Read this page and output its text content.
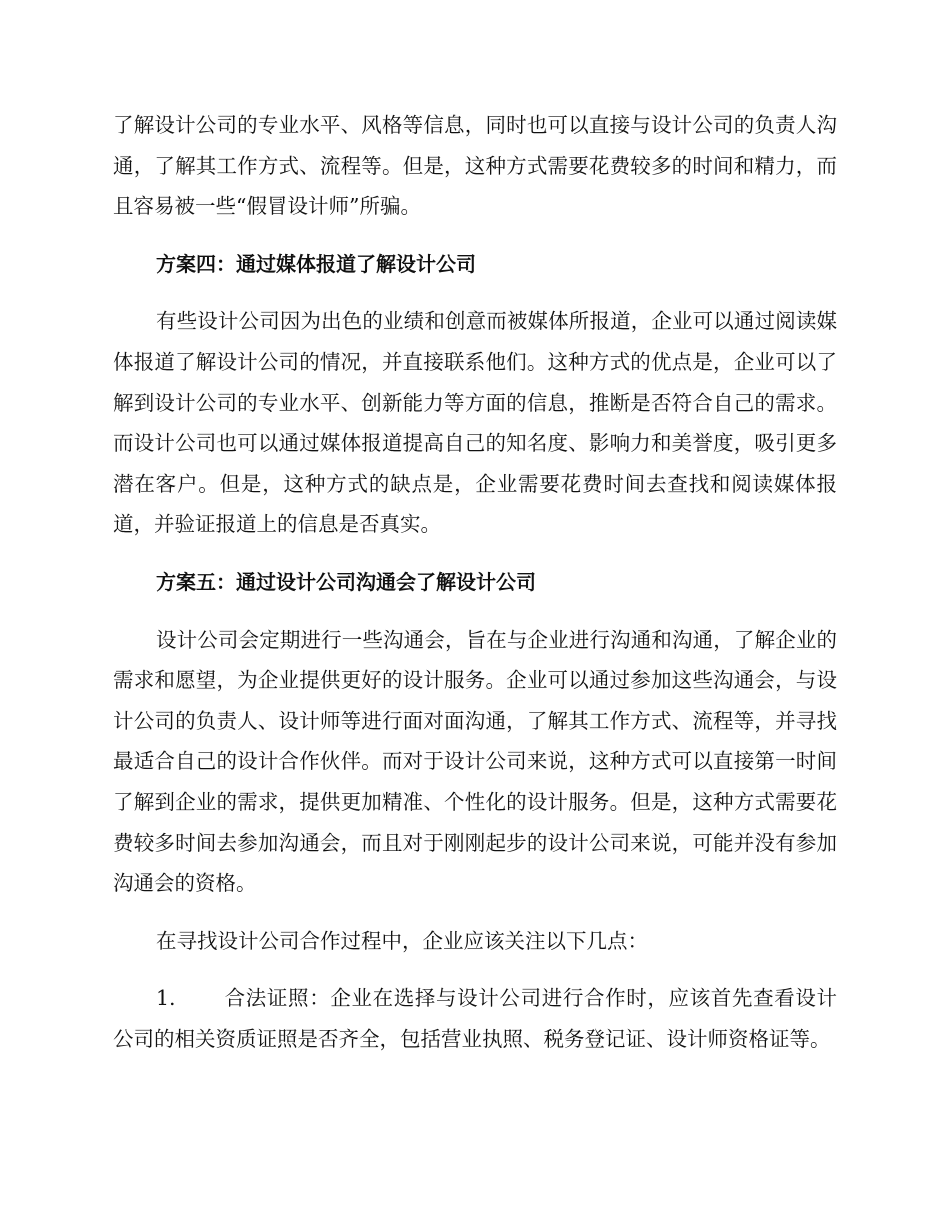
了解设计公司的专业水平、风格等信息，同时也可以直接与设计公司的负责人沟通，了解其工作方式、流程等。但是，这种方式需要花费较多的时间和精力，而且容易被一些“假冒设计师”所骗。

方案四：通过媒体报道了解设计公司

有些设计公司因为出色的业绩和创意而被媒体所报道，企业可以通过阅读媒体报道了解设计公司的情况，并直接联系他们。这种方式的优点是，企业可以了解到设计公司的专业水平、创新能力等方面的信息，推断是否符合自己的需求。而设计公司也可以通过媒体报道提高自己的知名度、影响力和美誉度，吸引更多潜在客户。但是，这种方式的缺点是，企业需要花费时间去查找和阅读媒体报道，并验证报道上的信息是否真实。

方案五：通过设计公司沟通会了解设计公司

设计公司会定期进行一些沟通会，旨在与企业进行沟通和沟通，了解企业的需求和愿望，为企业提供更好的设计服务。企业可以通过参加这些沟通会，与设计公司的负责人、设计师等进行面对面沟通，了解其工作方式、流程等，并寻找最适合自己的设计合作伙伴。而对于设计公司来说，这种方式可以直接第一时间了解到企业的需求，提供更加精准、个性化的设计服务。但是，这种方式需要花费较多时间去参加沟通会，而且对于刚刚起步的设计公司来说，可能并没有参加沟通会的资格。

在寻找设计公司合作过程中，企业应该关注以下几点：

1. 合法证照：企业在选择与设计公司进行合作时，应该首先查看设计公司的相关资质证照是否齐全，包括营业执照、税务登记证、设计师资格证等。
